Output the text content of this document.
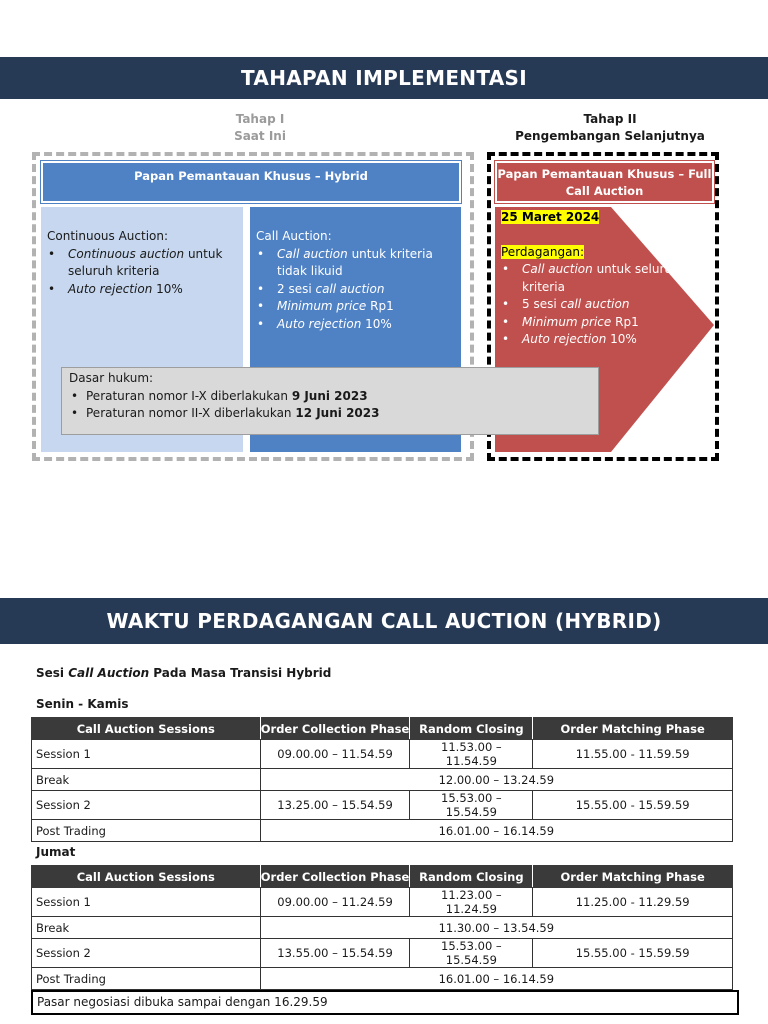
TAHAPAN IMPLEMENTASI
Tahap I
Saat Ini
Tahap II
Pengembangan Selanjutnya
Papan Pemantauan Khusus – Hybrid	Papan Pemantauan Khusus – Full
Call Auction
Continuous Auction:
• Continuous auction untuk seluruh kriteria
• Auto rejection 10%
Call Auction:
• Call auction untuk kriteria tidak likuid
• 2 sesi call auction
• Minimum price Rp1
• Auto rejection 10%
25 Maret 2024
Perdagangan:
• Call auction untuk seluruh kriteria
• 5 sesi call auction
• Minimum price Rp1
• Auto rejection 10%
Dasar hukum:
• Peraturan nomor I-X diberlakukan 9 Juni 2023
• Peraturan nomor II-X diberlakukan 12 Juni 2023
WAKTU PERDAGANGAN CALL AUCTION (HYBRID)
Sesi Call Auction Pada Masa Transisi Hybrid
Senin - Kamis
Call Auction Sessions	Order Collection Phase	Random Closing	Order Matching Phase
Session 1	09.00.00 – 11.54.59	11.53.00 – 11.54.59	11.55.00 - 11.59.59
Break	12.00.00 – 13.24.59		
Session 2	13.25.00 – 15.54.59	15.53.00 – 15.54.59	15.55.00 - 15.59.59
Post Trading	16.01.00 – 16.14.59		
Jumat
Call Auction Sessions	Order Collection Phase	Random Closing	Order Matching Phase
Session 1	09.00.00 – 11.24.59	11.23.00 – 11.24.59	11.25.00 - 11.29.59
Break	11.30.00 – 13.54.59		
Session 2	13.55.00 – 15.54.59	15.53.00 – 15.54.59	15.55.00 - 15.59.59
Post Trading	16.01.00 – 16.14.59		
Pasar negosiasi dibuka sampai dengan 16.29.59
